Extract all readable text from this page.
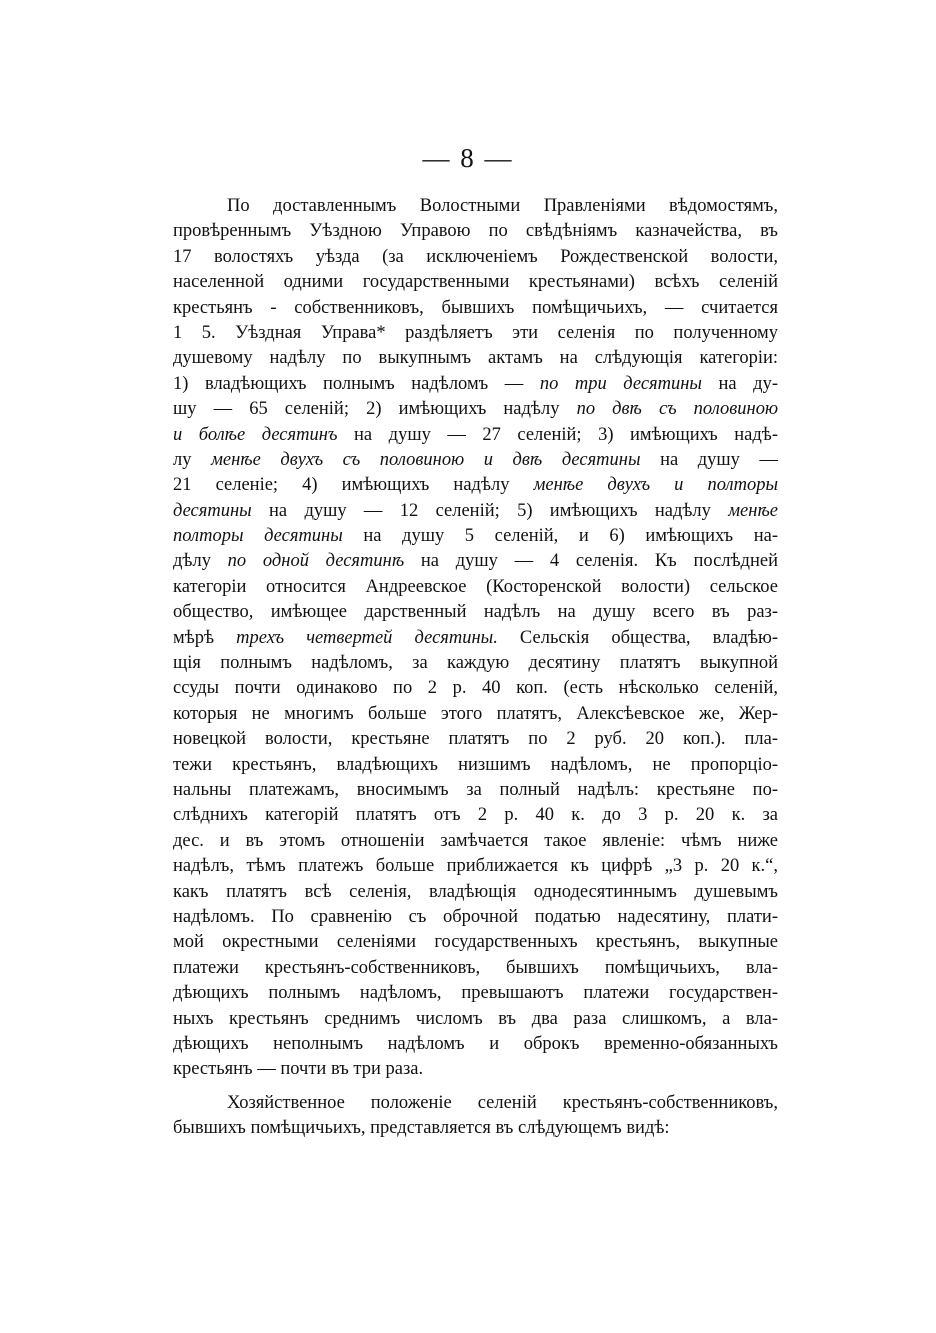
— 8 —
По доставленнымъ Волостными Правленіями вѣдомостямъ,
провѣреннымъ Уѣздною Управою по свѣдѣніямъ казначейства, въ
17 волостяхъ уѣзда (за исключеніемъ Рождественской волости,
населенной одними государственными крестьянами) всѣхъ селеній
крестьянъ - собственниковъ, бывшихъ помѣщичьихъ, — считается
1 5. Уѣздная Управа* раздѣляетъ эти селенія по полученному
душевому надѣлу по выкупнымъ актамъ на слѣдующія категоріи:
1) владѣющихъ полнымъ надѣломъ — по три десятины на ду-
шу — 65 селеній; 2) имѣющихъ надѣлу по двѣ съ половиною
и болѣе десятинъ на душу — 27 селеній; 3) имѣющихъ надѣ-
лу менѣе двухъ съ половиною и двѣ десятины на душу —
21 селеніе; 4) имѣющихъ надѣлу менѣе двухъ и полторы
десятины на душу — 12 селеній; 5) имѣющихъ надѣлу менѣе
полторы десятины на душу 5 селеній, и 6) имѣющихъ на-
дѣлу по одной десятинѣ на душу — 4 селенія. Къ послѣдней
категоріи относится Андреевское (Косторенской волости) сельское
общество, имѣющее дарственный надѣлъ на душу всего въ раз-
мѣрѣ трехъ четвертей десятины. Сельскія общества, владѣю-
щія полнымъ надѣломъ, за каждую десятину платятъ выкупной
ссуды почти одинаково по 2 р. 40 коп. (есть нѣсколько селеній,
которыя не многимъ больше этого платятъ, Алексѣевское же, Жер-
новецкой волости, крестьяне платятъ по 2 руб. 20 коп.). пла-
тежи крестьянъ, владѣющихъ низшимъ надѣломъ, не пропорціо-
нальны платежамъ, вносимымъ за полный надѣлъ: крестьяне по-
слѣднихъ категорій платятъ отъ 2 р. 40 к. до 3 р. 20 к. за
дес. и въ этомъ отношеніи замѣчается такое явленіе: чѣмъ ниже
надѣлъ, тѣмъ платежъ больше приближается къ цифрѣ „3 р. 20 к.“,
какъ платятъ всѣ селенія, владѣющія однодесятиннымъ душевымъ
надѣломъ. По сравненію съ оброчной податью надесятину, плати-
мой окрестными селеніями государственныхъ крестьянъ, выкупные
платежи крестьянъ-собственниковъ, бывшихъ помѣщичьихъ, вла-
дѣющихъ полнымъ надѣломъ, превышаютъ платежи государствен-
ныхъ крестьянъ среднимъ числомъ въ два раза слишкомъ, а вла-
дѣющихъ неполнымъ надѣломъ и оброкъ временно-обязанныхъ
крестьянъ — почти въ три раза.
Хозяйственное положеніе селеній крестьянъ-собственниковъ,
бывшихъ помѣщичьихъ, представляется въ слѣдующемъ видѣ:
